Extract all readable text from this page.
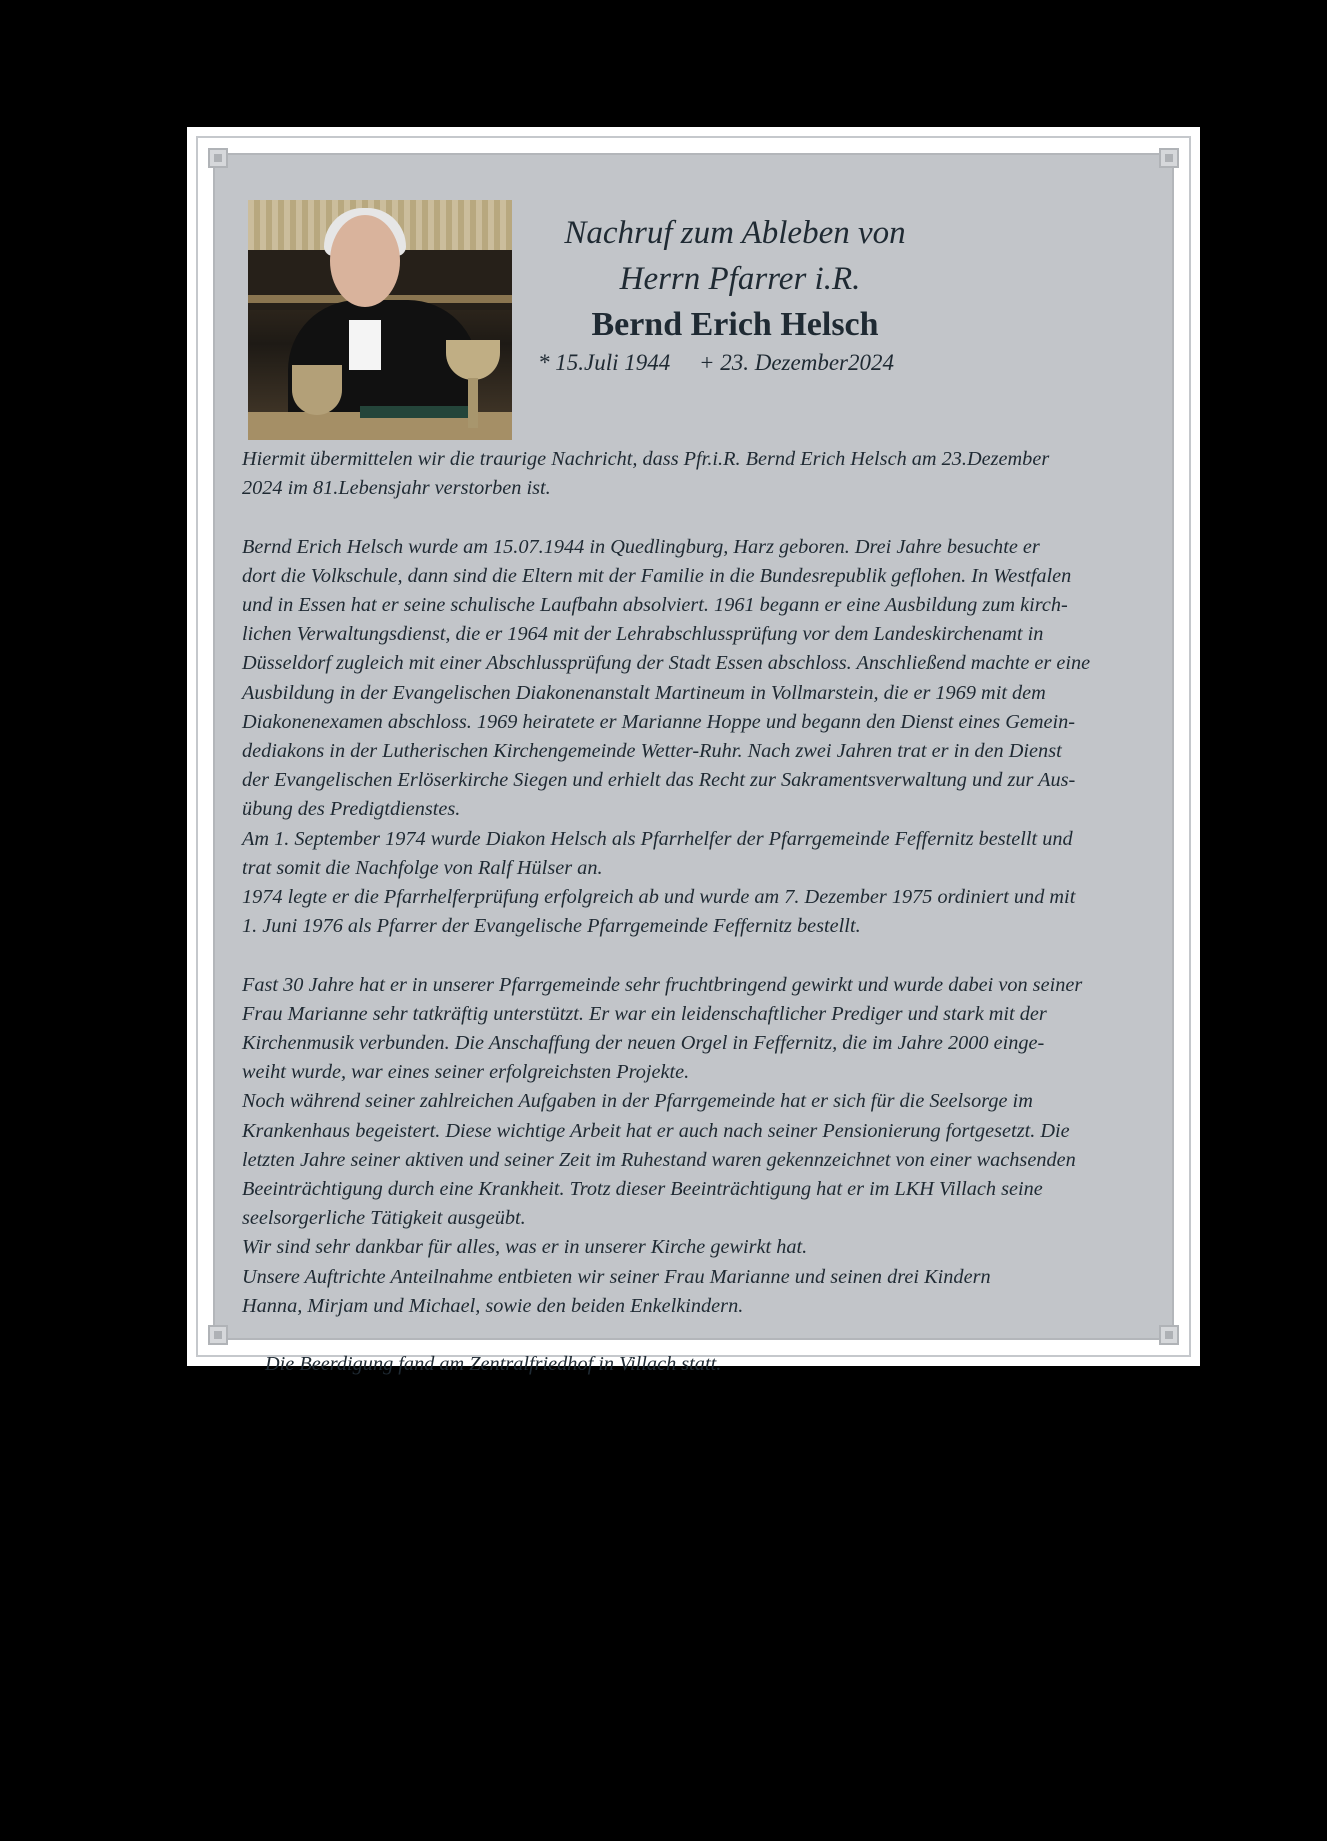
Nachruf zum Ableben von
Herrn Pfarrer i.R.
Bernd Erich Helsch
* 15.Juli 1944     + 23. Dezember2024

Hiermit übermittelen wir die traurige Nachricht, dass Pfr.i.R. Bernd Erich Helsch am 23.Dezember

2024 im 81.Lebensjahr verstorben ist.

Bernd Erich Helsch wurde am 15.07.1944 in Quedlingburg, Harz geboren. Drei Jahre besuchte er

dort die Volkschule, dann sind die Eltern mit der Familie in die Bundesrepublik geflohen. In Westfalen

und in Essen hat er seine schulische Laufbahn absolviert. 1961 begann er eine Ausbildung zum kirch-

lichen Verwaltungsdienst, die er 1964 mit der Lehrabschlussprüfung vor dem Landeskirchenamt in

Düsseldorf zugleich mit einer Abschlussprüfung der Stadt Essen abschloss. Anschließend machte er eine

Ausbildung in der Evangelischen Diakonenanstalt Martineum in Vollmarstein, die er 1969 mit dem

Diakonenexamen abschloss. 1969 heiratete er Marianne Hoppe und begann den Dienst eines Gemein-

dediakons in der Lutherischen Kirchengemeinde Wetter-Ruhr. Nach zwei Jahren trat er in den Dienst

der Evangelischen Erlöserkirche Siegen und erhielt das Recht zur Sakramentsverwaltung und zur Aus-

übung des Predigtdienstes.

Am 1. September 1974 wurde Diakon Helsch als Pfarrhelfer der Pfarrgemeinde Feffernitz bestellt und

trat somit die Nachfolge von Ralf Hülser an.

1974 legte er die Pfarrhelferprüfung erfolgreich ab und wurde am 7. Dezember 1975 ordiniert und mit

1. Juni 1976 als Pfarrer der Evangelische Pfarrgemeinde Feffernitz bestellt.

Fast 30 Jahre hat er in unserer Pfarrgemeinde sehr fruchtbringend gewirkt und wurde dabei von seiner

Frau Marianne sehr tatkräftig unterstützt. Er war ein leidenschaftlicher Prediger und stark mit der

Kirchenmusik verbunden. Die Anschaffung der neuen Orgel in Feffernitz, die im Jahre 2000 einge-

weiht wurde, war eines seiner erfolgreichsten Projekte.

Noch während seiner zahlreichen Aufgaben in der Pfarrgemeinde hat er sich für die Seelsorge im

Krankenhaus begeistert. Diese wichtige Arbeit hat er auch nach seiner Pensionierung fortgesetzt. Die

letzten Jahre seiner aktiven und seiner Zeit im Ruhestand waren gekennzeichnet von einer wachsenden

Beeinträchtigung durch eine Krankheit. Trotz dieser Beeinträchtigung hat er im LKH Villach seine

seelsorgerliche Tätigkeit ausgeübt.

Wir sind sehr dankbar für alles, was er in unserer Kirche gewirkt hat.

Unsere Auftrichte Anteilnahme entbieten wir seiner Frau Marianne und seinen drei Kindern

Hanna, Mirjam und Michael, sowie den beiden Enkelkindern.

Die Beerdigung fand am Zentralfriedhof in Villach statt.
